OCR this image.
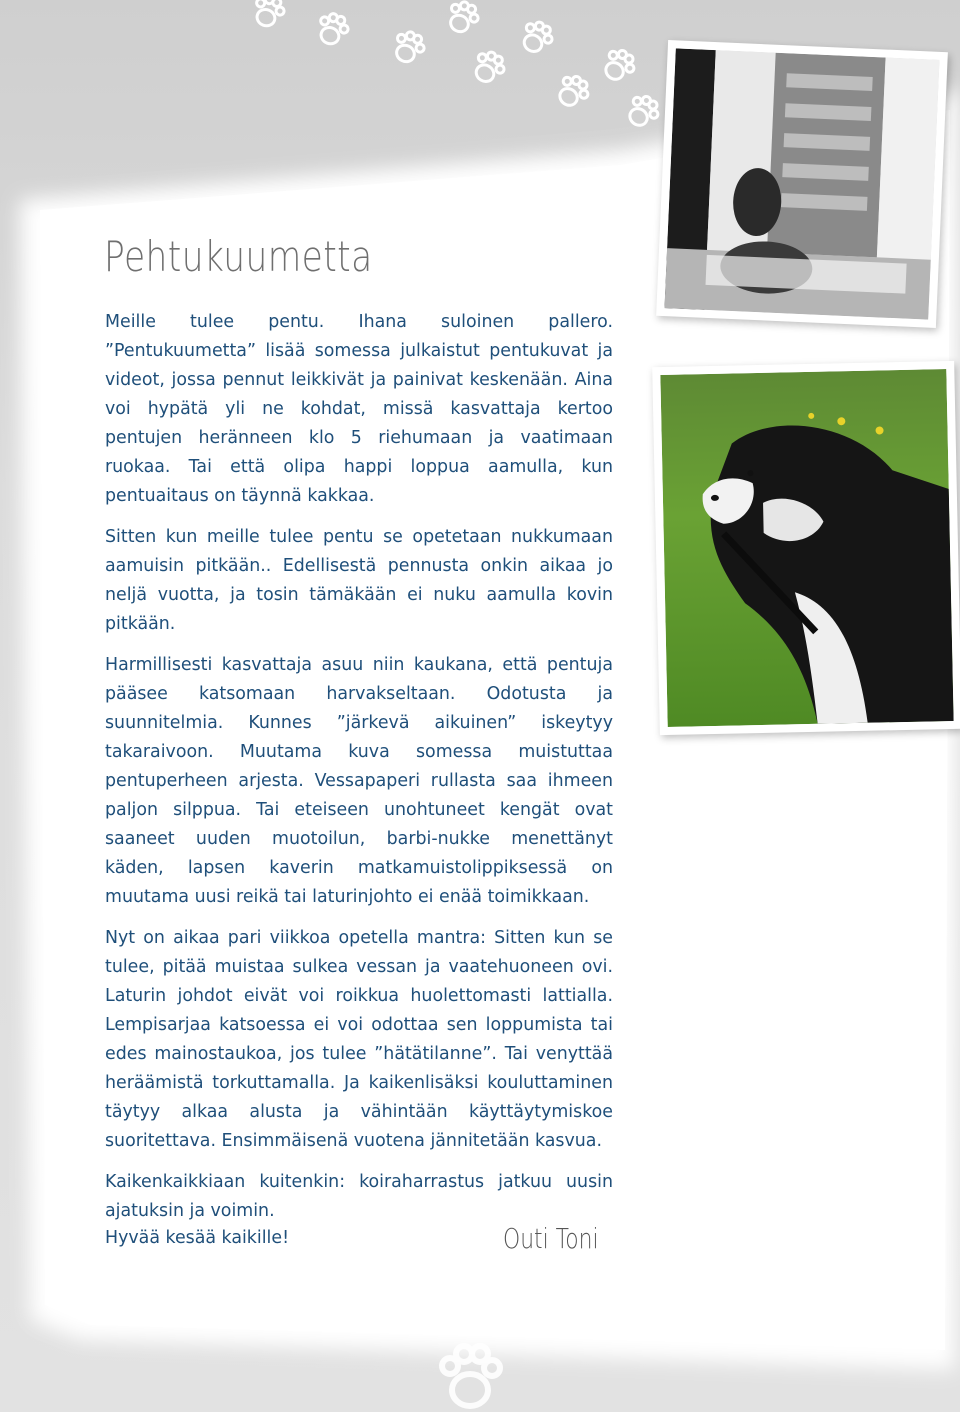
Pehtukuumetta

Meille tulee pentu. Ihana suloinen pallero. ”Pentukuumetta” lisää somessa julkaistut pentukuvat ja videot, jossa pennut leikkivät ja painivat keskenään. Aina voi hypätä yli ne kohdat, missä kasvattaja kertoo pentujen heränneen klo 5 riehumaan ja vaatimaan ruokaa. Tai että olipa happi loppua aamulla, kun pentuaitaus on täynnä kakkaa.

Sitten kun meille tulee pentu se opetetaan nukkumaan aamuisin pitkään.. Edellisestä pennusta onkin aikaa jo neljä vuotta, ja tosin tämäkään ei nuku aamulla kovin pitkään.

Harmillisesti kasvattaja asuu niin kaukana, että pentuja pääsee katsomaan harvakseltaan. Odotusta ja suunnitelmia. Kunnes ”järkevä aikuinen” iskeytyy takaraivoon. Muutama kuva somessa muistuttaa pentuperheen arjesta. Vessapaperi rullasta saa ihmeen paljon silppua. Tai eteiseen unohtuneet kengät ovat saaneet uuden muotoilun, barbi-nukke menettänyt käden, lapsen kaverin matkamuistolippiksessä on muutama uusi reikä tai laturinjohto ei enää toimikkaan.

Nyt on aikaa pari viikkoa opetella mantra: Sitten kun se tulee, pitää muistaa sulkea vessan ja vaatehuoneen ovi. Laturin johdot eivät voi roikkua huolettomasti lattialla. Lempisarjaa katsoessa ei voi odottaa sen loppumista tai edes mainostaukoa, jos tulee ”hätätilanne”. Tai venyttää heräämistä torkuttamalla. Ja kaikenlisäksi kouluttaminen täytyy alkaa alusta ja vähintään käyttäytymiskoe suoritettava. Ensimmäisenä vuotena jännitetään kasvua.

Kaikenkaikkiaan kuitenkin: koiraharrastus jatkuu uusin ajatuksin ja voimin.

Hyvää kesää kaikille!	Outi Toni
